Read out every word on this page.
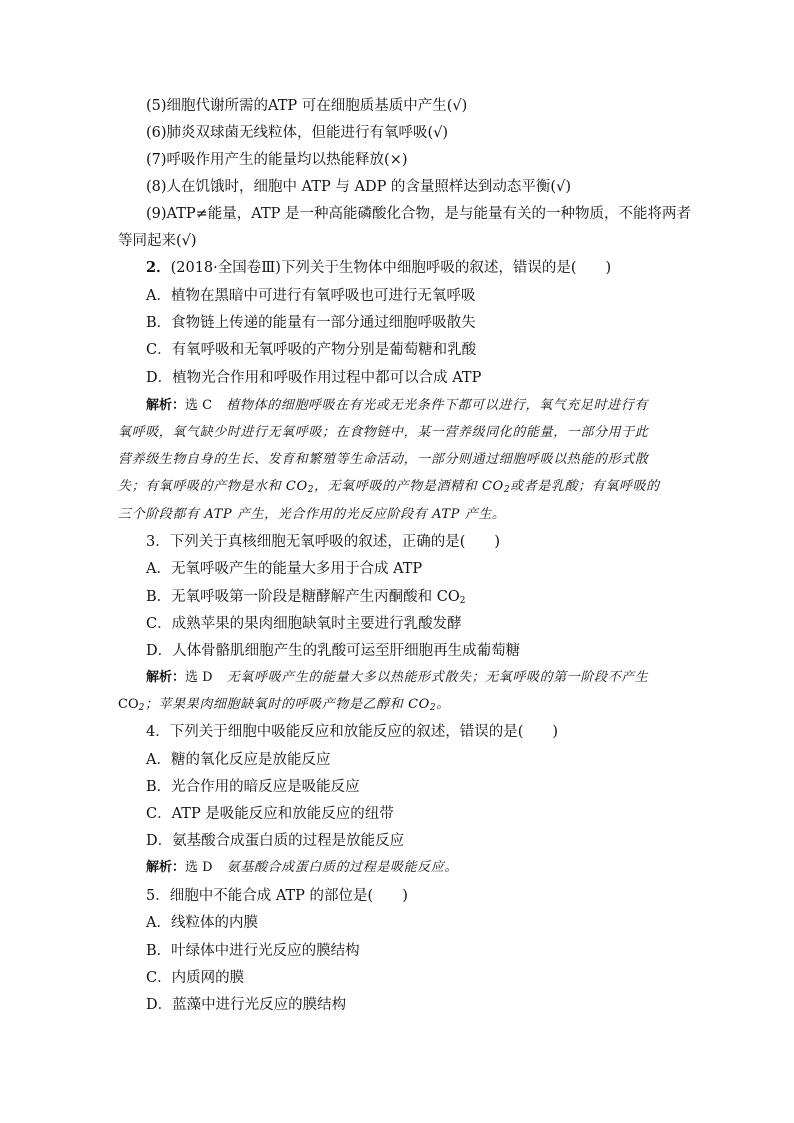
(5)细胞代谢所需的ATP 可在细胞质基质中产生(√)
(6)肺炎双球菌无线粒体，但能进行有氧呼吸(√)
(7)呼吸作用产生的能量均以热能释放(×)
(8)人在饥饿时，细胞中 ATP 与 ADP 的含量照样达到动态平衡(√)
(9)ATP≠能量，ATP 是一种高能磷酸化合物，是与能量有关的一种物质，不能将两者
等同起来(√)
2．(2018·全国卷Ⅲ)下列关于生物体中细胞呼吸的叙述，错误的是(　　)
A．植物在黑暗中可进行有氧呼吸也可进行无氧呼吸
B．食物链上传递的能量有一部分通过细胞呼吸散失
C．有氧呼吸和无氧呼吸的产物分别是葡萄糖和乳酸
D．植物光合作用和呼吸作用过程中都可以合成 ATP
解析：选 C 植物体的细胞呼吸在有光或无光条件下都可以进行，氧气充足时进行有
氧呼吸，氧气缺少时进行无氧呼吸；在食物链中，某一营养级同化的能量，一部分用于此
营养级生物自身的生长、发育和繁殖等生命活动，一部分则通过细胞呼吸以热能的形式散
失；有氧呼吸的产物是水和 $CO_2$，无氧呼吸的产物是酒精和 $CO_2$或者是乳酸；有氧呼吸的
三个阶段都有 ATP 产生，光合作用的光反应阶段有 ATP 产生。
3．下列关于真核细胞无氧呼吸的叙述，正确的是(　　)
A．无氧呼吸产生的能量大多用于合成 ATP
B．无氧呼吸第一阶段是糖酵解产生丙酮酸和 $CO_2$
C．成熟苹果的果肉细胞缺氧时主要进行乳酸发酵
D．人体骨骼肌细胞产生的乳酸可运至肝细胞再生成葡萄糖
解析：选 D 无氧呼吸产生的能量大多以热能形式散失；无氧呼吸的第一阶段不产生
$CO_2$；苹果果肉细胞缺氧时的呼吸产物是乙醇和 $CO_2$。
4．下列关于细胞中吸能反应和放能反应的叙述，错误的是(　　)
A．糖的氧化反应是放能反应
B．光合作用的暗反应是吸能反应
C．ATP 是吸能反应和放能反应的纽带
D．氨基酸合成蛋白质的过程是放能反应
解析：选 D 氨基酸合成蛋白质的过程是吸能反应。
5．细胞中不能合成 ATP 的部位是(　　)
A．线粒体的内膜
B．叶绿体中进行光反应的膜结构
C．内质网的膜
D．蓝藻中进行光反应的膜结构
